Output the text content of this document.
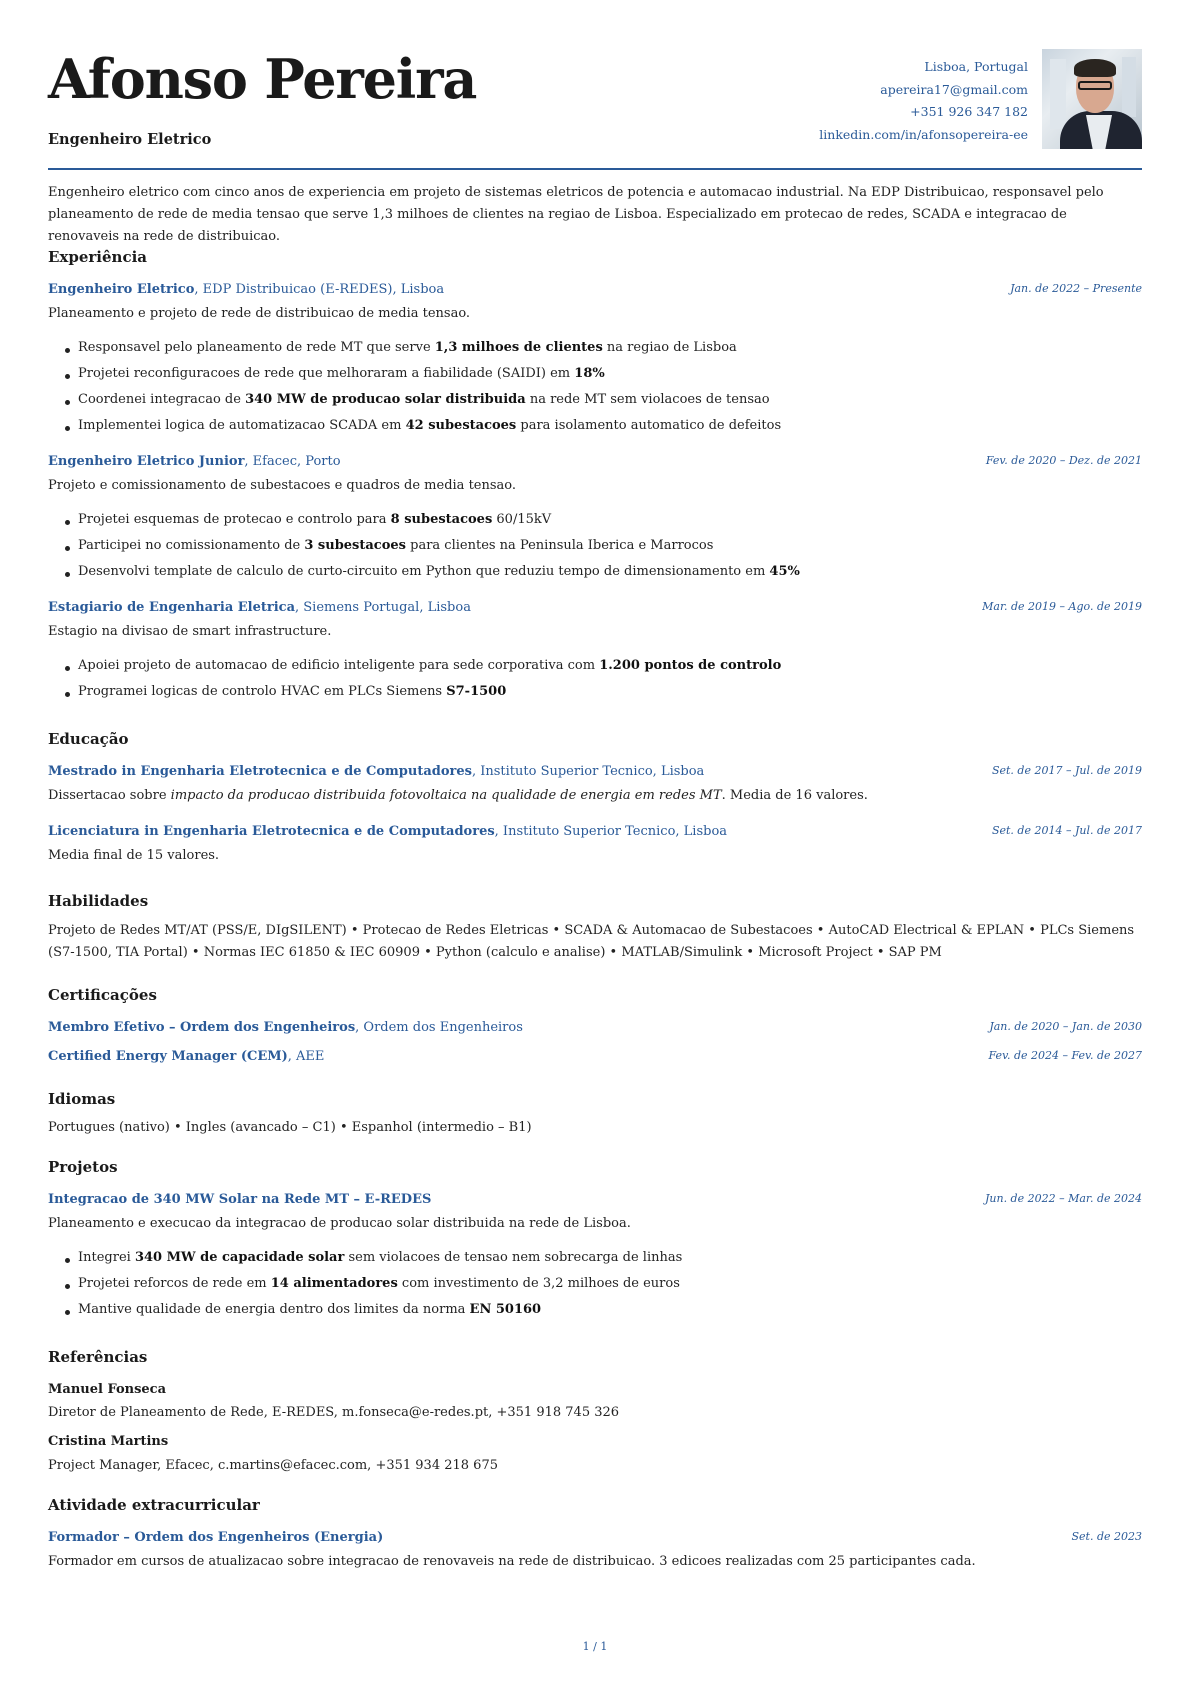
Afonso Pereira
Engenheiro Eletrico
Lisboa, Portugal
apereira17@gmail.com
+351 926 347 182
linkedin.com/in/afonsopereira-ee
Engenheiro eletrico com cinco anos de experiencia em projeto de sistemas eletricos de potencia e automacao industrial. Na EDP Distribuicao, responsavel pelo planeamento de rede de media tensao que serve 1,3 milhoes de clientes na regiao de Lisboa. Especializado em protecao de redes, SCADA e integracao de renovaveis na rede de distribuicao.
Experiência
Engenheiro Eletrico, EDP Distribuicao (E-REDES), Lisboa	Jan. de 2022 – Presente
Planeamento e projeto de rede de distribuicao de media tensao.
Responsavel pelo planeamento de rede MT que serve 1,3 milhoes de clientes na regiao de Lisboa
Projetei reconfiguracoes de rede que melhoraram a fiabilidade (SAIDI) em 18%
Coordenei integracao de 340 MW de producao solar distribuida na rede MT sem violacoes de tensao
Implementei logica de automatizacao SCADA em 42 subestacoes para isolamento automatico de defeitos
Engenheiro Eletrico Junior, Efacec, Porto	Fev. de 2020 – Dez. de 2021
Projeto e comissionamento de subestacoes e quadros de media tensao.
Projetei esquemas de protecao e controlo para 8 subestacoes 60/15kV
Participei no comissionamento de 3 subestacoes para clientes na Peninsula Iberica e Marrocos
Desenvolvi template de calculo de curto-circuito em Python que reduziu tempo de dimensionamento em 45%
Estagiario de Engenharia Eletrica, Siemens Portugal, Lisboa	Mar. de 2019 – Ago. de 2019
Estagio na divisao de smart infrastructure.
Apoiei projeto de automacao de edificio inteligente para sede corporativa com 1.200 pontos de controlo
Programei logicas de controlo HVAC em PLCs Siemens S7-1500
Educação
Mestrado in Engenharia Eletrotecnica e de Computadores, Instituto Superior Tecnico, Lisboa	Set. de 2017 – Jul. de 2019
Dissertacao sobre impacto da producao distribuida fotovoltaica na qualidade de energia em redes MT. Media de 16 valores.
Licenciatura in Engenharia Eletrotecnica e de Computadores, Instituto Superior Tecnico, Lisboa	Set. de 2014 – Jul. de 2017
Media final de 15 valores.
Habilidades
Projeto de Redes MT/AT (PSS/E, DIgSILENT) • Protecao de Redes Eletricas • SCADA & Automacao de Subestacoes • AutoCAD Electrical & EPLAN • PLCs Siemens (S7-1500, TIA Portal) • Normas IEC 61850 & IEC 60909 • Python (calculo e analise) • MATLAB/Simulink • Microsoft Project • SAP PM
Certificações
Membro Efetivo – Ordem dos Engenheiros, Ordem dos Engenheiros	Jan. de 2020 – Jan. de 2030
Certified Energy Manager (CEM), AEE	Fev. de 2024 – Fev. de 2027
Idiomas
Portugues (nativo) • Ingles (avancado – C1) • Espanhol (intermedio – B1)
Projetos
Integracao de 340 MW Solar na Rede MT – E-REDES	Jun. de 2022 – Mar. de 2024
Planeamento e execucao da integracao de producao solar distribuida na rede de Lisboa.
Integrei 340 MW de capacidade solar sem violacoes de tensao nem sobrecarga de linhas
Projetei reforcos de rede em 14 alimentadores com investimento de 3,2 milhoes de euros
Mantive qualidade de energia dentro dos limites da norma EN 50160
Referências
Manuel Fonseca
Diretor de Planeamento de Rede, E-REDES, m.fonseca@e-redes.pt, +351 918 745 326
Cristina Martins
Project Manager, Efacec, c.martins@efacec.com, +351 934 218 675
Atividade extracurricular
Formador – Ordem dos Engenheiros (Energia)	Set. de 2023
Formador em cursos de atualizacao sobre integracao de renovaveis na rede de distribuicao. 3 edicoes realizadas com 25 participantes cada.
1 / 1
